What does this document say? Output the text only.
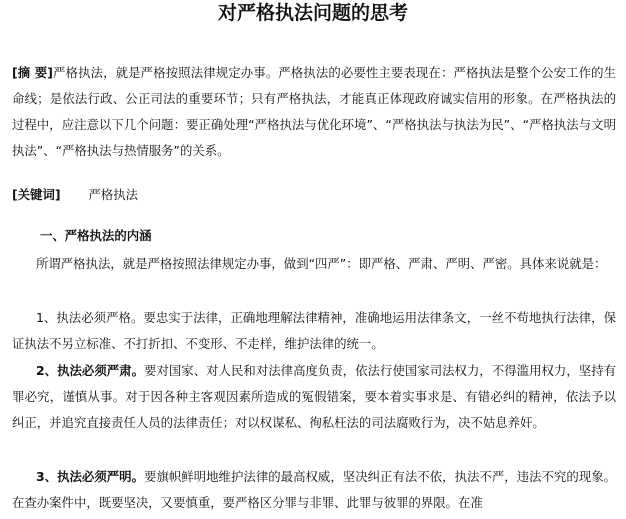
对严格执法问题的思考

[摘 要]严格执法，就是严格按照法律规定办事。严格执法的必要性主要表现在：严格执法是整个公安工作的生命线；是依法行政、公正司法的重要环节；只有严格执法，才能真正体现政府诚实信用的形象。在严格执法的过程中，应注意以下几个问题：要正确处理“严格执法与优化环境”、“严格执法与执法为民”、“严格执法与文明执法”、“严格执法与热情服务”的关系。

[关键词] 严格执法

一、严格执法的内涵

所谓严格执法，就是严格按照法律规定办事，做到“四严”：即严格、严肃、严明、严密。具体来说就是：

1、执法必须严格。要忠实于法律，正确地理解法律精神，准确地运用法律条文，一丝不苟地执行法律，保证执法不另立标准、不打折扣、不变形、不走样，维护法律的统一。

2、执法必须严肃。要对国家、对人民和对法律高度负责，依法行使国家司法权力，不得滥用权力，坚持有罪必究，谨慎从事。对于因各种主客观因素所造成的冤假错案，要本着实事求是、有错必纠的精神，依法予以纠正，并追究直接责任人员的法律责任；对以权谋私、徇私枉法的司法腐败行为，决不姑息养奸。

3、执法必须严明。要旗帜鲜明地维护法律的最高权威，坚决纠正有法不依，执法不严，违法不究的现象。在查办案件中，既要坚决，又要慎重，要严格区分罪与非罪、此罪与彼罪的界限。在准
